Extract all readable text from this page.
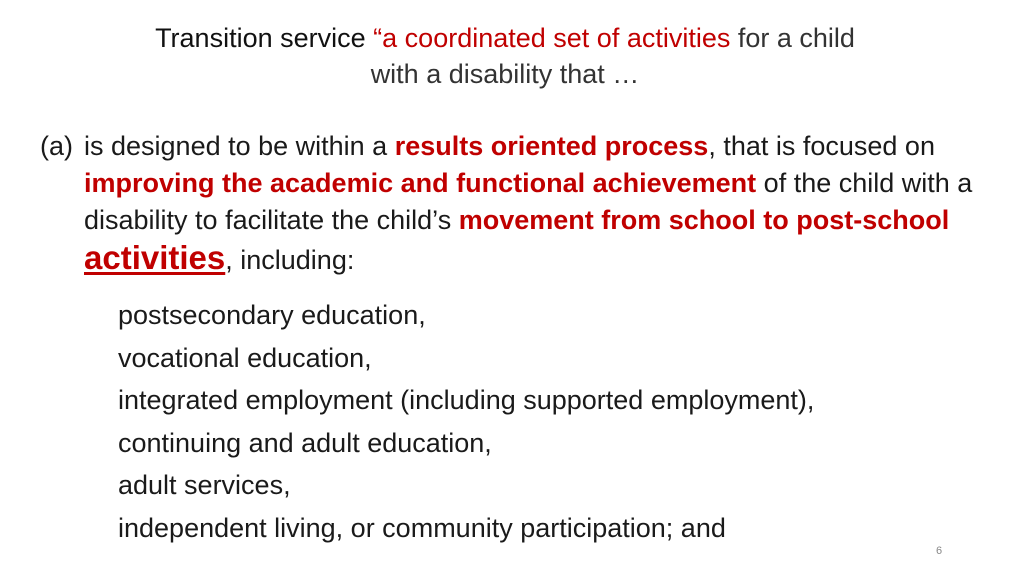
Transition service “a coordinated set of activities for a child
with a disability that …
(a) is designed to be within a results oriented process, that is focused on improving the academic and functional achievement of the child with a disability to facilitate the child’s movement from school to post-school activities, including:
postsecondary education,
vocational education,
integrated employment (including supported employment),
continuing and adult education,
adult services,
independent living, or community participation; and
6
